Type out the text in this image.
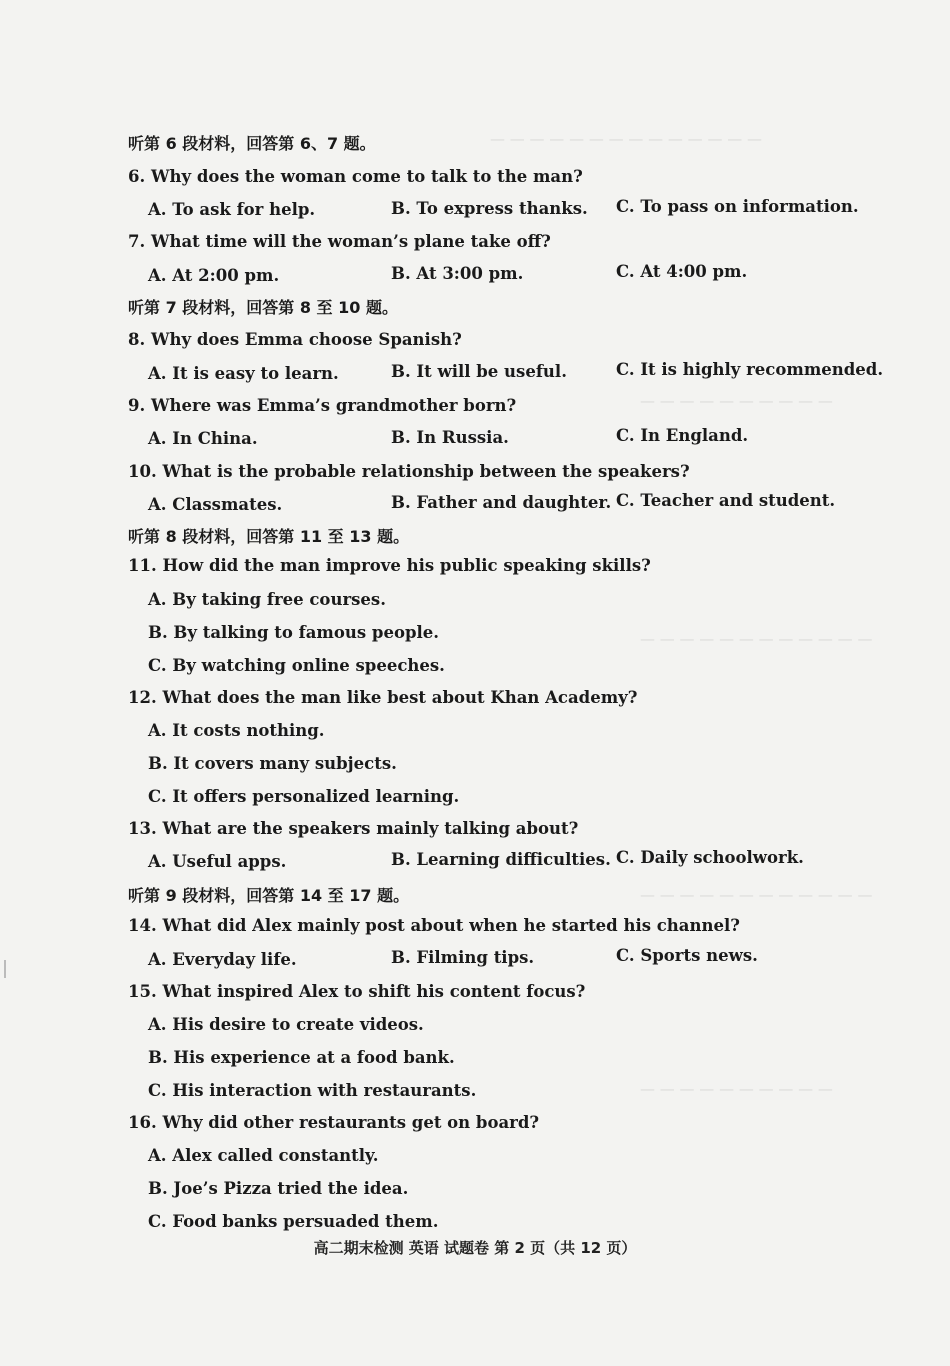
— — — — — — — — — — — — — —
— — — — — — — — — —
— — — — — — — — — — — —
— — — — — — — — — — — —
— — — — — — — — — —
听第 6 段材料，回答第 6、7 题。
6. Why does the woman come to talk to the man?
A. To ask for help.	B. To express thanks. C. To pass on information.
7. What time will the woman’s plane take off?
A. At 2:00 pm.	B. At 3:00 pm.	C. At 4:00 pm.
听第 7 段材料，回答第 8 至 10 题。
8. Why does Emma choose Spanish?
A. It is easy to learn.	B. It will be useful.	C. It is highly recommended.
9. Where was Emma’s grandmother born?
A. In China.	B. In Russia.	C. In England.
10. What is the probable relationship between the speakers?
A. Classmates.	B. Father and daughter. C. Teacher and student.
听第 8 段材料，回答第 11 至 13 题。
11. How did the man improve his public speaking skills?
A. By taking free courses.
B. By talking to famous people.
C. By watching online speeches.
12. What does the man like best about Khan Academy?
A. It costs nothing.
B. It covers many subjects.
C. It offers personalized learning.
13. What are the speakers mainly talking about?
A. Useful apps.	B. Learning difficulties. C. Daily schoolwork.
听第 9 段材料，回答第 14 至 17 题。
14. What did Alex mainly post about when he started his channel?
A. Everyday life.	B. Filming tips.	C. Sports news.
15. What inspired Alex to shift his content focus?
A. His desire to create videos.
B. His experience at a food bank.
C. His interaction with restaurants.
16. Why did other restaurants get on board?
A. Alex called constantly.
B. Joe’s Pizza tried the idea.
C. Food banks persuaded them.
高二期末检测 英语 试题卷 第 2 页（共 12 页）
